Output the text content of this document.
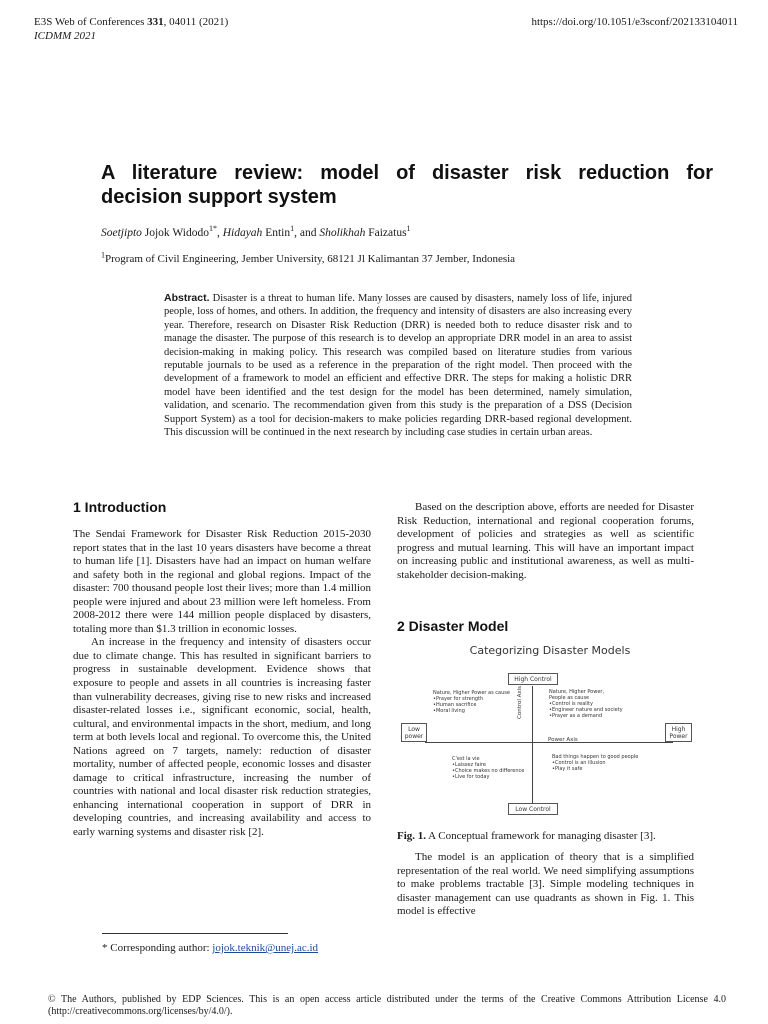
E3S Web of Conferences 331, 04011 (2021)
ICDMM 2021
https://doi.org/10.1051/e3sconf/202133104011
A literature review: model of disaster risk reduction for
decision support system
Soetjipto Jojok Widodo$^{1*}$, Hidayah Entin$^1$, and Sholikhah Faizatus$^1$
$^1$Program of Civil Engineering, Jember University, 68121 Jl Kalimantan 37 Jember, Indonesia
Abstract. Disaster is a threat to human life. Many losses are caused by disasters, namely loss of life, injured people, loss of homes, and others. In addition, the frequency and intensity of disasters are also increasing every year. Therefore, research on Disaster Risk Reduction (DRR) is needed both to reduce disaster risk and to manage the disaster. The purpose of this research is to develop an appropriate DRR model in an area to assist decision-making in making policy. This research was compiled based on literature studies from various reputable journals to be used as a reference in the preparation of the right model. Then proceed with the development of a framework to model an efficient and effective DRR. The steps for making a holistic DRR model have been identified and the test design for the model has been determined, namely simulation, validation, and scenario. The recommendation given from this study is the preparation of a DSS (Decision Support System) as a tool for decision-makers to make policies regarding DRR-based regional development. This discussion will be continued in the next research by including case studies in certain urban areas.
1 Introduction

The Sendai Framework for Disaster Risk Reduction 2015-2030 report states that in the last 10 years disasters have become a threat to human life [1]. Disasters have had an impact on human welfare and safety both in the regional and global regions. Impact of the disaster: 700 thousand people lost their lives; more than 1.4 million people were injured and about 23 million were left homeless. From 2008-2012 there were 144 million people displaced by disasters, totaling more than $1.3 trillion in economic losses.

An increase in the frequency and intensity of disasters occur due to climate change. This has resulted in significant barriers to progress in sustainable development. Evidence shows that exposure to people and assets in all countries is increasing faster than vulnerability decreases, giving rise to new risks and increased disaster-related losses i.e., significant economic, social, health, cultural, and environmental impacts in the short, medium, and long term at both levels local and regional. To overcome this, the United Nations agreed on 7 targets, namely: reduction of disaster mortality, number of affected people, economic losses and disaster damage to critical infrastructure, increasing the number of countries with national and local disaster risk reduction strategies, enhancing international cooperation in support of DRR in developing countries, and increasing availability and access to early warning systems and disaster risk [2].

Based on the description above, efforts are needed for Disaster Risk Reduction, international and regional cooperation forums, development of policies and strategies as well as scientific progress and mutual learning. This will have an important impact on increasing public and institutional awareness, as well as multi-stakeholder decision-making.

2 Disaster Model
Categorizing Disaster Models
High Control
Low Control
Low
power
High
Power
Power Axis
Control Axis
Nature, Higher Power as cause
•Prayer for strength
•Human sacrifice
•Moral living
Nature, Higher Power,
People as cause
•Control is reality
•Engineer nature and society
•Prayer as a demand
C'est la vie
•Laissez faire
•Choice makes no difference
•Live for today
Bad things happen to good people
•Control is an illusion
•Play it safe
Fig. 1. A Conceptual framework for managing disaster [3].

The model is an application of theory that is a simplified representation of the real world. We need simplifying assumptions to make problems tractable [3]. Simple modeling techniques in disaster management can use quadrants as shown in Fig. 1. This model is effective

* Corresponding author: jojok.teknik@unej.ac.id
© The Authors, published by EDP Sciences. This is an open access article distributed under the terms of the Creative Commons Attribution License 4.0 (http://creativecommons.org/licenses/by/4.0/).
